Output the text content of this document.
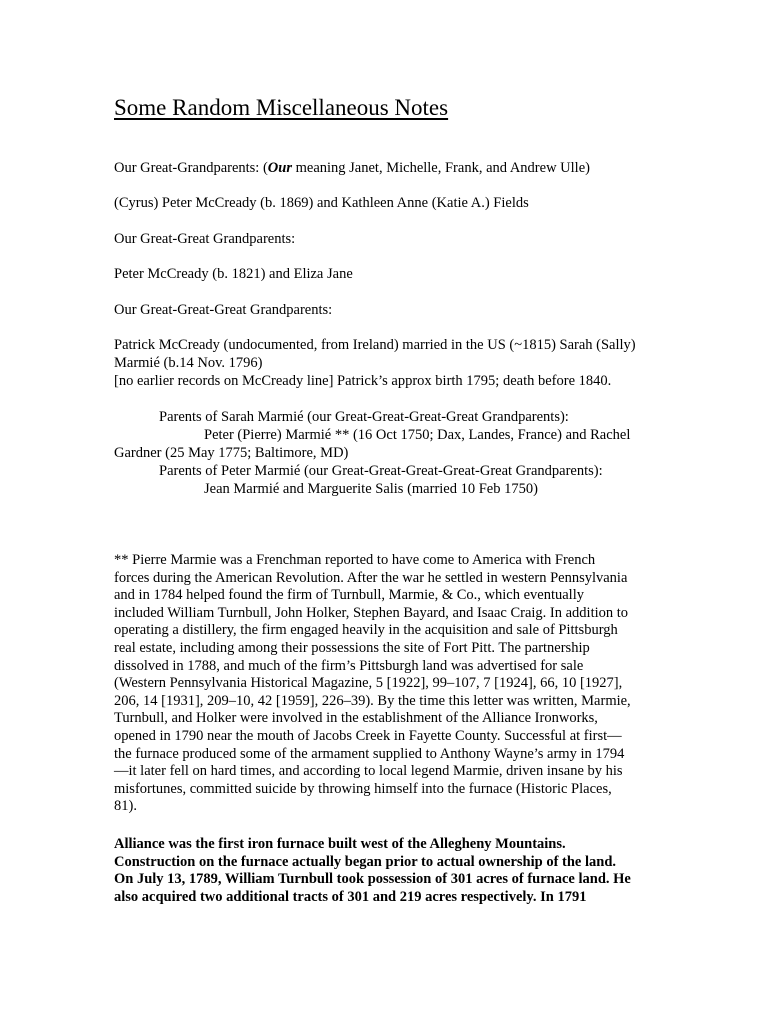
Some Random Miscellaneous Notes

Our Great-Grandparents: (Our meaning Janet, Michelle, Frank, and Andrew Ulle)

(Cyrus) Peter McCready (b. 1869) and Kathleen Anne (Katie A.) Fields

Our Great-Great Grandparents:

Peter McCready (b. 1821) and Eliza Jane

Our Great-Great-Great Grandparents:

Patrick McCready (undocumented, from Ireland) married in the US (~1815) Sarah (Sally)

Marmié (b.14 Nov. 1796)

[no earlier records on McCready line] Patrick’s approx birth 1795; death before 1840.

Parents of Sarah Marmié (our Great-Great-Great-Great Grandparents):

Peter (Pierre) Marmié ** (16 Oct 1750; Dax, Landes, France) and Rachel

Gardner (25 May 1775; Baltimore, MD)

Parents of Peter Marmié (our Great-Great-Great-Great-Great Grandparents):

Jean Marmié and Marguerite Salis (married 10 Feb 1750)

** Pierre Marmie was a Frenchman reported to have come to America with French
forces during the American Revolution. After the war he settled in western Pennsylvania
and in 1784 helped found the firm of Turnbull, Marmie, & Co., which eventually
included William Turnbull, John Holker, Stephen Bayard, and Isaac Craig. In addition to
operating a distillery, the firm engaged heavily in the acquisition and sale of Pittsburgh
real estate, including among their possessions the site of Fort Pitt. The partnership
dissolved in 1788, and much of the firm’s Pittsburgh land was advertised for sale
(Western Pennsylvania Historical Magazine, 5 [1922], 99–107, 7 [1924], 66, 10 [1927],
206, 14 [1931], 209–10, 42 [1959], 226–39). By the time this letter was written, Marmie,
Turnbull, and Holker were involved in the establishment of the Alliance Ironworks,
opened in 1790 near the mouth of Jacobs Creek in Fayette County. Successful at first—
the furnace produced some of the armament supplied to Anthony Wayne’s army in 1794
—it later fell on hard times, and according to local legend Marmie, driven insane by his
misfortunes, committed suicide by throwing himself into the furnace (Historic Places,
81).
Alliance was the first iron furnace built west of the Allegheny Mountains.
Construction on the furnace actually began prior to actual ownership of the land.
On July 13, 1789, William Turnbull took possession of 301 acres of furnace land. He
also acquired two additional tracts of 301 and 219 acres respectively. In 1791
